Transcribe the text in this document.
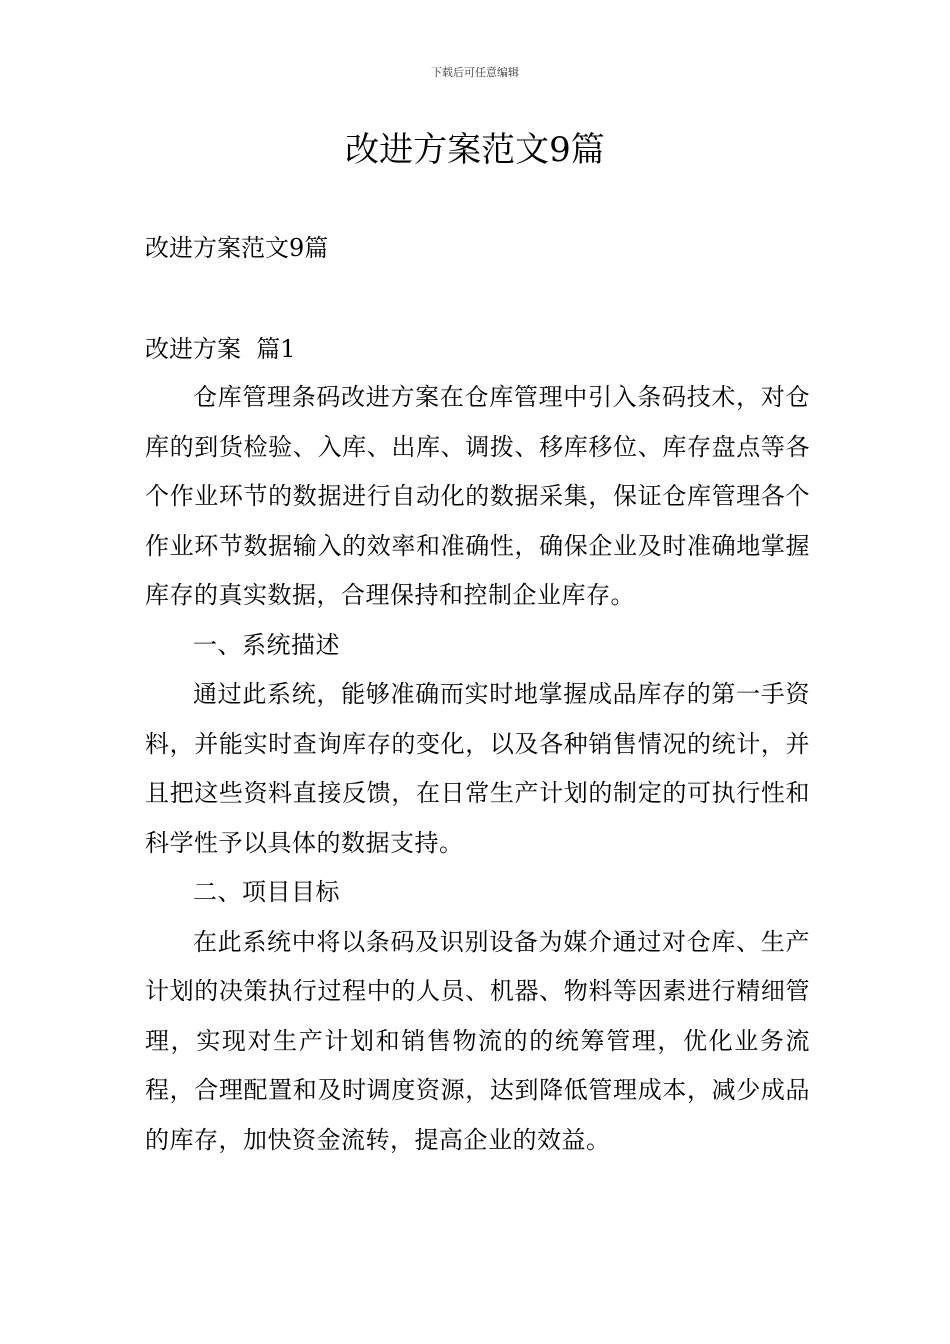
下载后可任意编辑
改进方案范文9篇

改进方案范文9篇

改进方案  篇1

仓库管理条码改进方案在仓库管理中引入条码技术，对仓库的到货检验、入库、出库、调拨、移库移位、库存盘点等各个作业环节的数据进行自动化的数据采集，保证仓库管理各个作业环节数据输入的效率和准确性，确保企业及时准确地掌握库存的真实数据，合理保持和控制企业库存。

一、系统描述

通过此系统，能够准确而实时地掌握成品库存的第一手资料，并能实时查询库存的变化，以及各种销售情况的统计，并且把这些资料直接反馈，在日常生产计划的制定的可执行性和科学性予以具体的数据支持。

二、项目目标

在此系统中将以条码及识别设备为媒介通过对仓库、生产计划的决策执行过程中的人员、机器、物料等因素进行精细管理，实现对生产计划和销售物流的的统筹管理，优化业务流程，合理配置和及时调度资源，达到降低管理成本，减少成品的库存，加快资金流转，提高企业的效益。
